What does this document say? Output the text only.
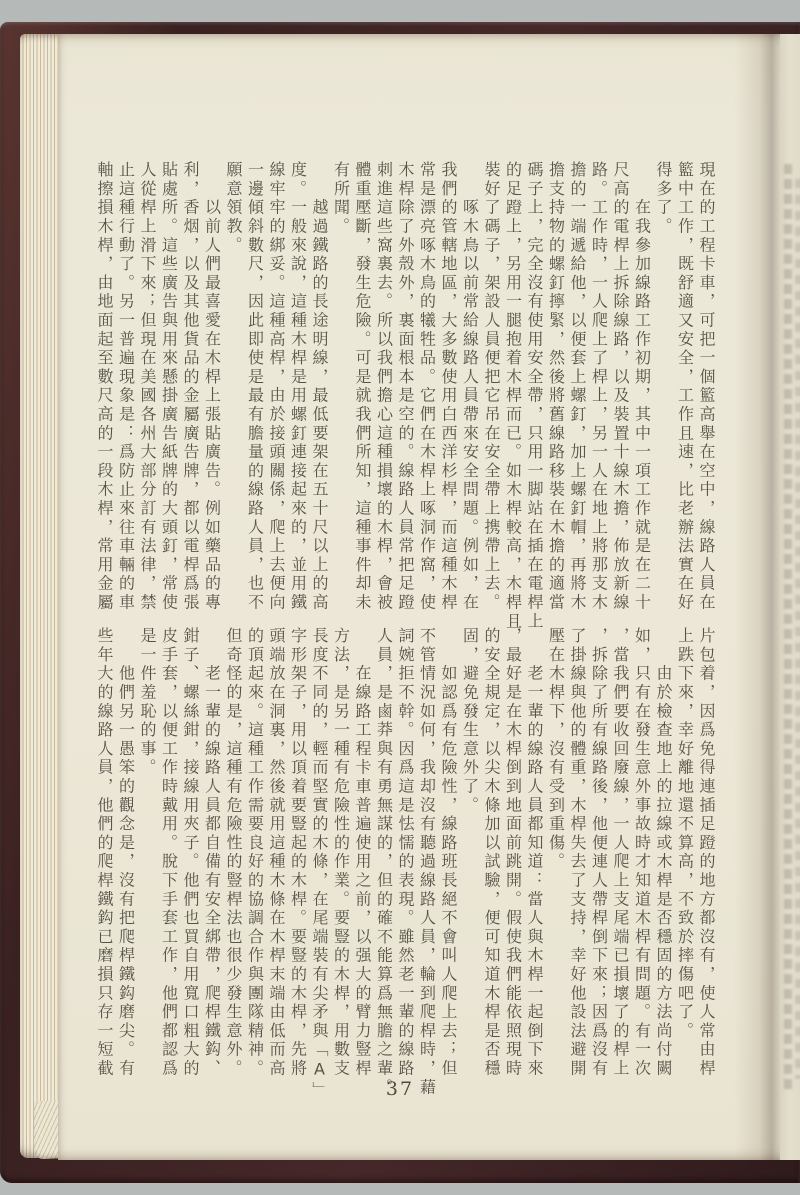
現在的工程卡車，可把一個籃高舉在空中，線路人員在
籃中工作，既舒適又安全，工作且速，比老辦法實在好
得多了。
　　在我參加線路工作初期，其中一項工作就是在二十
尺高的電桿上拆除線路，以及裝置十線木擔，佈放新線
路。工作時，一人爬上了桿上，另一人在地上將那支木
擔的一端遞給他，以便套上螺釘，加上螺釘帽，再將木
擔支持物的螺釘擰緊，然後將舊線路移裝在木擔的適當
碼子上，完全沒有使用安全帶，只用一脚站在插在電桿上
的足蹬上，另用一腿抱着木桿而已。如木桿較高，木桿且
裝好了碼子，架設人員便把它吊在安全帶上携帶上去。
　　啄木鳥以前常給線路人員帶來安全問題。例如，在
我們的管轄地區，大多數使用白西洋杉桿，而這種木桿
常是漂亮啄木鳥的犧牲品。它們在木桿上啄洞作窩，使
木桿除了外殼外，裏面根本是空的。線路人員常把足蹬
刺進這些窩裏去。所以我們擔心這種損壞的木桿，會被
體重壓斷，發生危險。可是就我們所知，這種事件却未
有所聞。
　　越過鐵路的長途明線，最低要架在五十尺以上的高
度。一般來說，這種木桿是用螺釘連接起來的，並用鐵
線牢牢的綁妥。這種高桿，由於接頭關係，爬上去便向
一邊傾斜數尺，因此即使是最有膽量的線路人員，也不
願意領教。
　　以前人們最喜愛在木桿上張貼廣告。例如藥品的專
利，香烟，以及其他貨品的金屬廣告牌，都以電桿爲張
貼處所。這些廣告與用來懸掛廣告紙牌的大頭釘，常使
人從桿上滑下來；但現在美國各州大部分訂有法律，禁
止這種行動了。另一普遍現象是：爲防止來往車輛的車
軸擦損木桿，由地面起至數尺高的一段木桿，常用金屬
片包着，因爲免得連插足蹬的地方都沒有，使人常由桿
上跌下來，幸好離地還不算高，不致於摔傷吧了。
　　由於檢查地上的拉線或木桿是否穩固的方法尚付闕
如，只有在發生意外事故時才知道木桿有問題。有一次
，當我們要收回廢線，一人爬上支尾端已損壞了的桿上
，拆除了所有線路後，他便連人帶桿倒下來；因爲沒有
了掛線與他的體重，木桿失去了支持，幸好他設法避開
壓在木桿下，沒有受到重傷。
　　老一輩的線路人員都知道：當人與木桿一起倒下來
，最好是在木桿倒到地面前跳開。假使我們能依照現時
的安全規定，以尖木條加以試驗，便可知道木桿是否穩
固，避免發生意外了。
　　如認爲有危險性，線路班長絕不會叫人爬上去；但
不管情況如何，我却沒有聽過線路人員，輪到爬桿時，藉
詞婉拒不幹。因爲這是怯懦的表現。雖然老一輩的線路
人員，是鹵莽與有勇無謀的，但的確不能算爲無膽之輩。
　　在線路工程卡車普遍使用之前，以强大的臂力豎桿
方法，是另一種有危險性的作業。要豎的木桿，用數支
長度不同的，輕而堅實的木條，在尾端裝有尖矛與「A」
字形架子，用以頂着要豎起的木桿。要豎的木桿，先將
頭端放在洞裏，然後就用這種木條在木桿末端由低而高
的頂起來。這種工作需要良好的協調合作與團隊精神。
但奇怪的是，這種有危險性的豎桿法也很少發生意外。
　　老一輩的線路人員都自備有安全綁帶，爬桿鐵鈎、
鉗子、螺絲鉗，接線用夾子。他們也買自用寬口粗大的
皮手套，以便工作時戴用。脫下手套工作，他們都認爲
是一件羞恥的事。
　　他們另一愚笨的觀念是，沒有把爬桿鐵鈎磨尖。有
些年大的線路人員，他們的爬桿鐵鈎已磨損只存一短截
37
